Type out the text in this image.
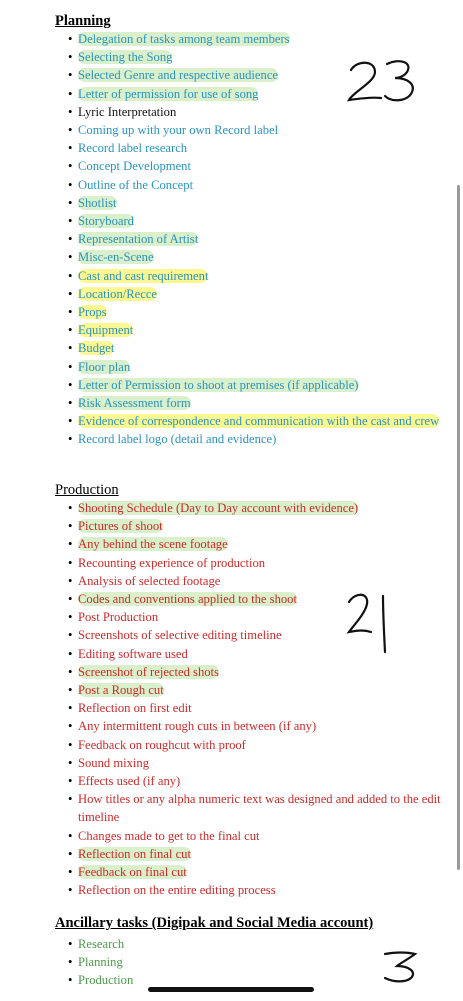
Planning
• Delegation of tasks among team members
• Selecting the Song
• Selected Genre and respective audience
• Letter of permission for use of song
• Lyric Interpretation
• Coming up with your own Record label
• Record label research
• Concept Development
• Outline of the Concept
• Shotlist
• Storyboard
• Representation of Artist
• Misc-en-Scene
• Cast and cast requirement
• Location/Recce
• Props
• Equipment
• Budget
• Floor plan
• Letter of Permission to shoot at premises (if applicable)
• Risk Assessment form
• Evidence of correspondence and communication with the cast and crew
• Record label logo (detail and evidence)
Production
• Shooting Schedule (Day to Day account with evidence)
• Pictures of shoot
• Any behind the scene footage
• Recounting experience of production
• Analysis of selected footage
• Codes and conventions applied to the shoot
• Post Production
• Screenshots of selective editing timeline
• Editing software used
• Screenshot of rejected shots
• Post a Rough cut
• Reflection on first edit
• Any intermittent rough cuts in between (if any)
• Feedback on roughcut with proof
• Sound mixing
• Effects used (if any)
• How titles or any alpha numeric text was designed and added to the edit timeline
• Changes made to get to the final cut
• Reflection on final cut
• Feedback on final cut
• Reflection on the entire editing process
Ancillary tasks (Digipak and Social Media account)
• Research
• Planning
• Production
